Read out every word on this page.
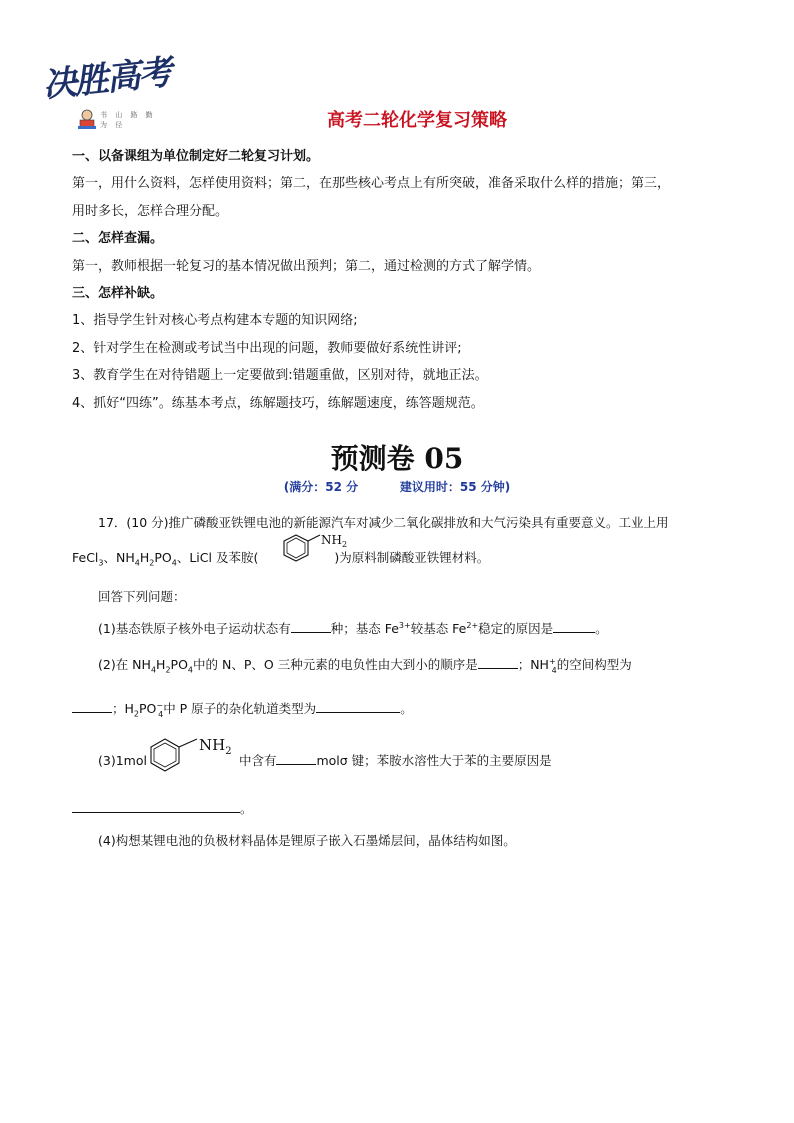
决胜高考
书 山 路 勤 为 径	高考二轮化学复习策略
一、以备课组为单位制定好二轮复习计划。
第一，用什么资料，怎样使用资料；第二，在那些核心考点上有所突破，准备采取什么样的措施；第三，
用时多长，怎样合理分配。
二、怎样查漏。
第一，教师根据一轮复习的基本情况做出预判；第二，通过检测的方式了解学情。
三、怎样补缺。
1、指导学生针对核心考点构建本专题的知识网络;
2、针对学生在检测或考试当中出现的问题，教师要做好系统性讲评;
3、教育学生在对待错题上一定要做到:错题重做，区别对待，就地正法。
4、抓好“四练”。练基本考点，练解题技巧，练解题速度，练答题规范。
预测卷 05
(满分：52 分	建议用时：55 分钟)
17．(10 分)推广磷酸亚铁锂电池的新能源汽车对减少二氧化碳排放和大气污染具有重要意义。工业上用
FeCl$_3$、$NH_4H_2PO_4$、LiCl 及苯胺(	)为原料制磷酸亚铁锂材料。
$NH_2$
回答下列问题：
(1)基态铁原子核外电子运动状态有	种；基态 $Fe^{3+}$较基态 $Fe^{2+}$稳定的原因是	。
(2)在 $NH_4H_2PO_4$中的 N、P、O 三种元素的电负性由大到小的顺序是	；$NH^+_4$的空间构型为
；$H_2PO^-_4$中 P 原子的杂化轨道类型为	。
(3)1mol	中含有	molσ 键；苯胺水溶性大于苯的主要原因是
$NH_2$
。
(4)构想某锂电池的负极材料晶体是锂原子嵌入石墨烯层间，晶体结构如图。
